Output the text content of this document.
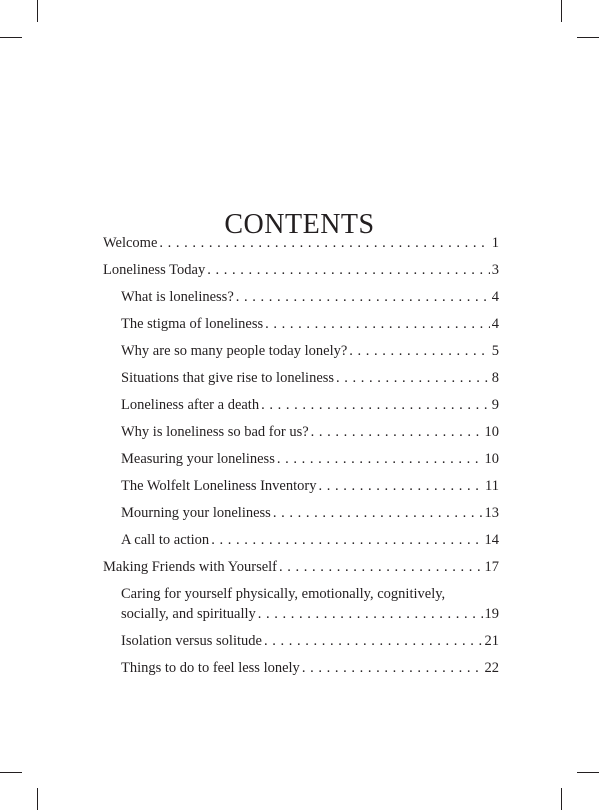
CONTENTS
Welcome . . .	1
Loneliness Today . . .	3
What is loneliness? . . .	4
The stigma of loneliness . . .	4
Why are so many people today lonely? . . .	5
Situations that give rise to loneliness . . .	8
Loneliness after a death . . .	9
Why is loneliness so bad for us? . . .	10
Measuring your loneliness . . .	10
The Wolfelt Loneliness Inventory . . .	11
Mourning your loneliness . . .	13
A call to action . . .	14
Making Friends with Yourself . . .	17
Caring for yourself physically, emotionally, cognitively,
socially, and spiritually . . .	19
Isolation versus solitude . . .	21
Things to do to feel less lonely . . .	22
